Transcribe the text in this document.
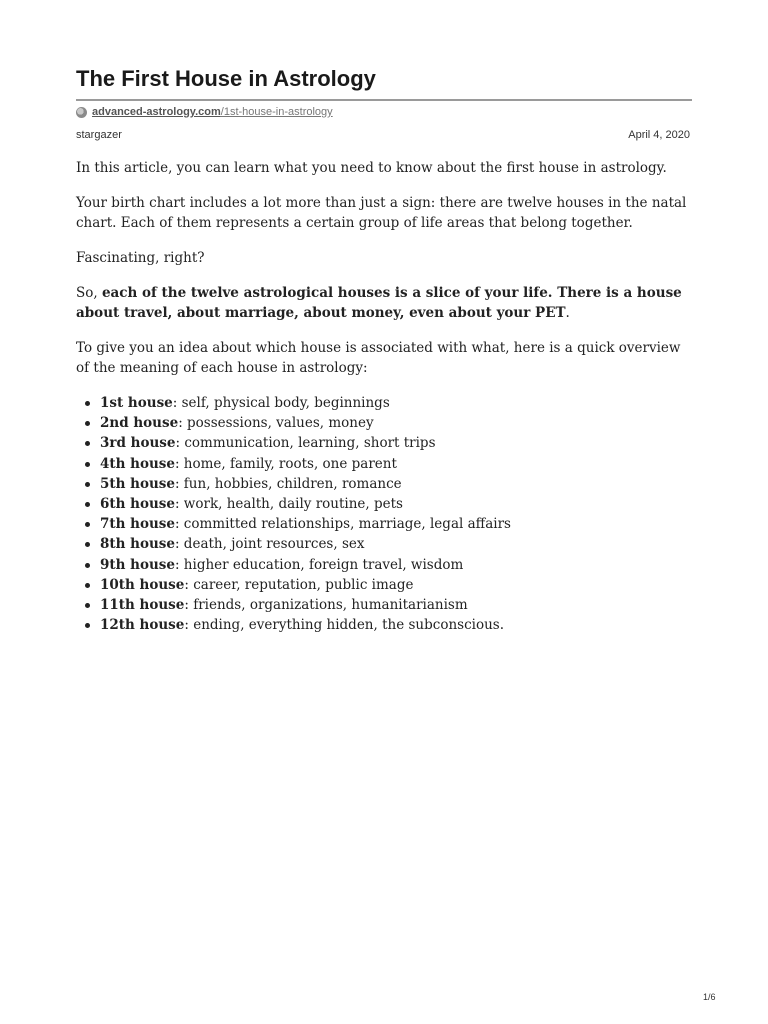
The First House in Astrology
advanced-astrology.com /1st-house-in-astrology
stargazer	April 4, 2020

In this article, you can learn what you need to know about the first house in astrology.

Your birth chart includes a lot more than just a sign: there are twelve houses in the natal chart. Each of them represents a certain group of life areas that belong together.

Fascinating, right?

So, each of the twelve astrological houses is a slice of your life. There is a house about travel, about marriage, about money, even about your PET.

To give you an idea about which house is associated with what, here is a quick overview of the meaning of each house in astrology:

1st house: self, physical body, beginnings
2nd house: possessions, values, money
3rd house: communication, learning, short trips
4th house: home, family, roots, one parent
5th house: fun, hobbies, children, romance
6th house: work, health, daily routine, pets
7th house: committed relationships, marriage, legal affairs
8th house: death, joint resources, sex
9th house: higher education, foreign travel, wisdom
10th house: career, reputation, public image
11th house: friends, organizations, humanitarianism
12th house: ending, everything hidden, the subconscious.
1/6
